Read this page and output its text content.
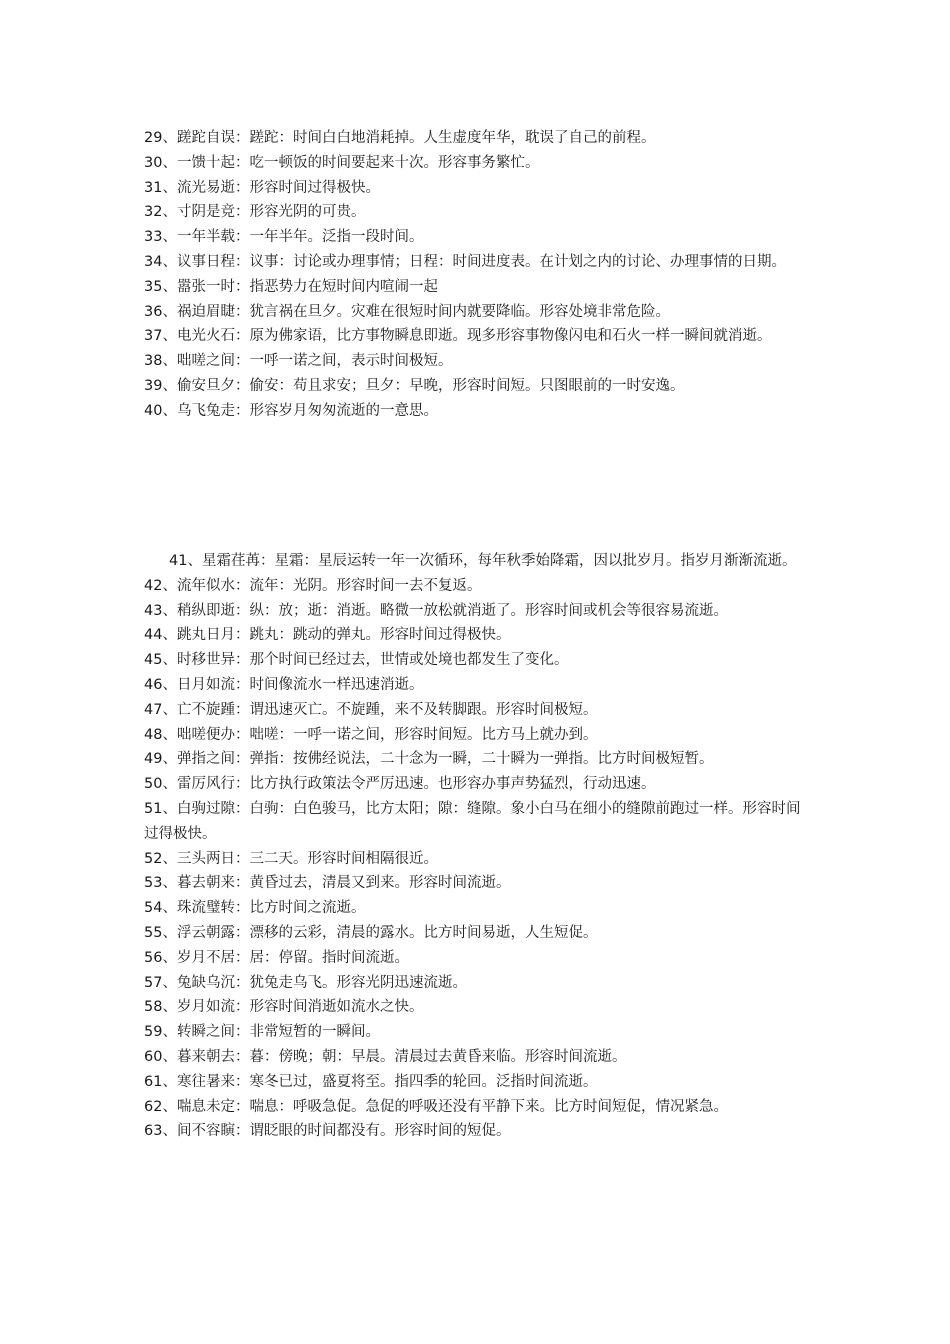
29、蹉跎自误：蹉跎：时间白白地消耗掉。人生虚度年华，耽误了自己的前程。

30、一馈十起：吃一顿饭的时间要起来十次。形容事务繁忙。

31、流光易逝：形容时间过得极快。

32、寸阴是竞：形容光阴的可贵。

33、一年半载：一年半年。泛指一段时间。

34、议事日程：议事：讨论或办理事情；日程：时间进度表。在计划之内的讨论、办理事情的日期。

35、嚣张一时：指恶势力在短时间内喧闹一起

36、祸迫眉睫：犹言祸在旦夕。灾难在很短时间内就要降临。形容处境非常危险。

37、电光火石：原为佛家语，比方事物瞬息即逝。现多形容事物像闪电和石火一样一瞬间就消逝。

38、咄嗟之间：一呼一诺之间，表示时间极短。

39、偷安旦夕：偷安：苟且求安；旦夕：早晚，形容时间短。只图眼前的一时安逸。

40、乌飞兔走：形容岁月匆匆流逝的一意思。

41、星霜荏苒：星霜：星辰运转一年一次循环，每年秋季始降霜，因以批岁月。指岁月渐渐流逝。

42、流年似水：流年：光阴。形容时间一去不复返。

43、稍纵即逝：纵：放；逝：消逝。略微一放松就消逝了。形容时间或机会等很容易流逝。

44、跳丸日月：跳丸：跳动的弹丸。形容时间过得极快。

45、时移世异：那个时间已经过去，世情或处境也都发生了变化。

46、日月如流：时间像流水一样迅速消逝。

47、亡不旋踵：谓迅速灭亡。不旋踵，来不及转脚跟。形容时间极短。

48、咄嗟便办：咄嗟：一呼一诺之间，形容时间短。比方马上就办到。

49、弹指之间：弹指：按佛经说法，二十念为一瞬，二十瞬为一弹指。比方时间极短暂。

50、雷厉风行：比方执行政策法令严厉迅速。也形容办事声势猛烈，行动迅速。

51、白驹过隙：白驹：白色骏马，比方太阳；隙：缝隙。象小白马在细小的缝隙前跑过一样。形容时间过得极快。

52、三头两日：三二天。形容时间相隔很近。

53、暮去朝来：黄昏过去，清晨又到来。形容时间流逝。

54、珠流璧转：比方时间之流逝。

55、浮云朝露：漂移的云彩，清晨的露水。比方时间易逝，人生短促。

56、岁月不居：居：停留。指时间流逝。

57、兔缺乌沉：犹兔走乌飞。形容光阴迅速流逝。

58、岁月如流：形容时间消逝如流水之快。

59、转瞬之间：非常短暂的一瞬间。

60、暮来朝去：暮：傍晚；朝：早晨。清晨过去黄昏来临。形容时间流逝。

61、寒往暑来：寒冬已过，盛夏将至。指四季的轮回。泛指时间流逝。

62、喘息未定：喘息：呼吸急促。急促的呼吸还没有平静下来。比方时间短促，情况紧急。

63、间不容瞚：谓眨眼的时间都没有。形容时间的短促。
